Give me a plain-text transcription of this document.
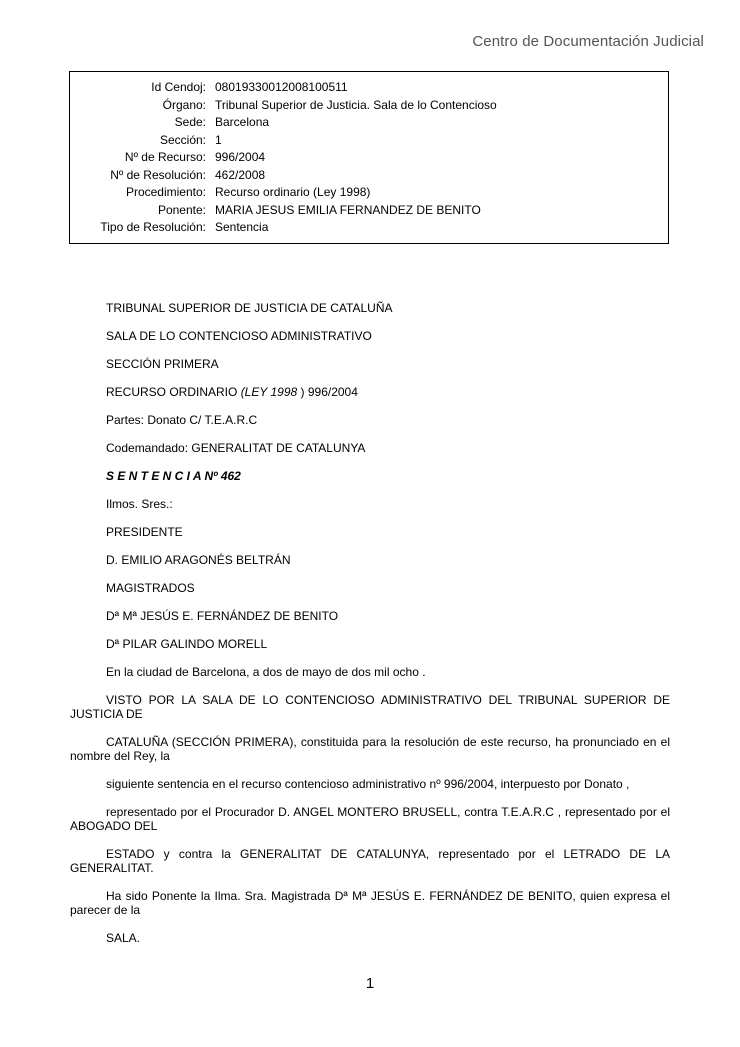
Centro de Documentación Judicial
Id Cendoj: 08019330012008100511
Órgano: Tribunal Superior de Justicia. Sala de lo Contencioso
Sede: Barcelona
Sección: 1
Nº de Recurso: 996/2004
Nº de Resolución: 462/2008
Procedimiento: Recurso ordinario (Ley 1998)
Ponente: MARIA JESUS EMILIA FERNANDEZ DE BENITO
Tipo de Resolución: Sentencia

TRIBUNAL SUPERIOR DE JUSTICIA DE CATALUÑA

SALA DE LO CONTENCIOSO ADMINISTRATIVO

SECCIÓN PRIMERA

RECURSO ORDINARIO (LEY 1998 ) 996/2004

Partes: Donato C/ T.E.A.R.C

Codemandado: GENERALITAT DE CATALUNYA

S E N T E N C I A Nº 462

Ilmos. Sres.:

PRESIDENTE

D. EMILIO ARAGONÉS BELTRÁN

MAGISTRADOS

Dª Mª JESÚS E. FERNÁNDEZ DE BENITO

Dª PILAR GALINDO MORELL

En la ciudad de Barcelona, a dos de mayo de dos mil ocho .

VISTO POR LA SALA DE LO CONTENCIOSO ADMINISTRATIVO DEL TRIBUNAL SUPERIOR DE JUSTICIA DE

CATALUÑA (SECCIÓN PRIMERA), constituida para la resolución de este recurso, ha pronunciado en el nombre del Rey, la

siguiente sentencia en el recurso contencioso administrativo nº 996/2004, interpuesto por Donato ,

representado por el Procurador D. ANGEL MONTERO BRUSELL, contra T.E.A.R.C , representado por el ABOGADO DEL

ESTADO y contra la GENERALITAT DE CATALUNYA, representado por el LETRADO DE LA GENERALITAT.

Ha sido Ponente la Ilma. Sra. Magistrada Dª Mª JESÚS E. FERNÁNDEZ DE BENITO, quien expresa el parecer de la

SALA.

1
